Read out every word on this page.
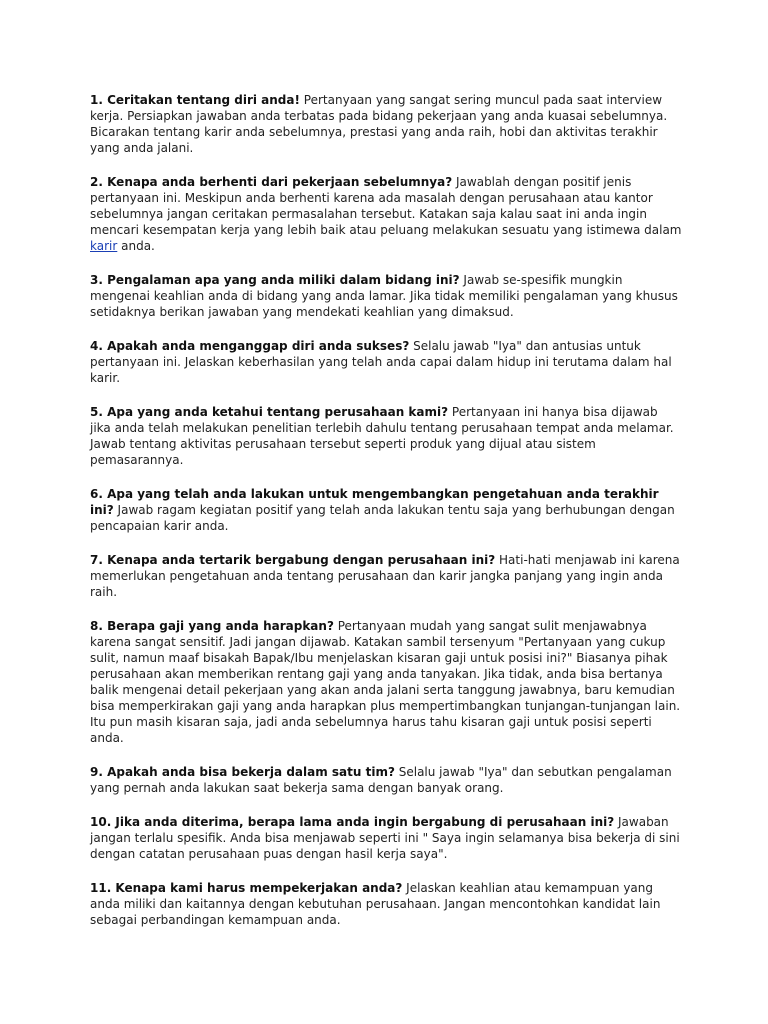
1. Ceritakan tentang diri anda! Pertanyaan yang sangat sering muncul pada saat interview kerja. Persiapkan jawaban anda terbatas pada bidang pekerjaan yang anda kuasai sebelumnya. Bicarakan tentang karir anda sebelumnya, prestasi yang anda raih, hobi dan aktivitas terakhir yang anda jalani.

2. Kenapa anda berhenti dari pekerjaan sebelumnya? Jawablah dengan positif jenis pertanyaan ini. Meskipun anda berhenti karena ada masalah dengan perusahaan atau kantor sebelumnya jangan ceritakan permasalahan tersebut. Katakan saja kalau saat ini anda ingin mencari kesempatan kerja yang lebih baik atau peluang melakukan sesuatu yang istimewa dalam karir anda.

3. Pengalaman apa yang anda miliki dalam bidang ini? Jawab se-spesifik mungkin mengenai keahlian anda di bidang yang anda lamar. Jika tidak memiliki pengalaman yang khusus setidaknya berikan jawaban yang mendekati keahlian yang dimaksud.

4. Apakah anda menganggap diri anda sukses? Selalu jawab "Iya" dan antusias untuk pertanyaan ini. Jelaskan keberhasilan yang telah anda capai dalam hidup ini terutama dalam hal karir.

5. Apa yang anda ketahui tentang perusahaan kami? Pertanyaan ini hanya bisa dijawab jika anda telah melakukan penelitian terlebih dahulu tentang perusahaan tempat anda melamar. Jawab tentang aktivitas perusahaan tersebut seperti produk yang dijual atau sistem pemasarannya.

6. Apa yang telah anda lakukan untuk mengembangkan pengetahuan anda terakhir ini? Jawab ragam kegiatan positif yang telah anda lakukan tentu saja yang berhubungan dengan pencapaian karir anda.

7. Kenapa anda tertarik bergabung dengan perusahaan ini? Hati-hati menjawab ini karena memerlukan pengetahuan anda tentang perusahaan dan karir jangka panjang yang ingin anda raih.

8. Berapa gaji yang anda harapkan? Pertanyaan mudah yang sangat sulit menjawabnya karena sangat sensitif. Jadi jangan dijawab. Katakan sambil tersenyum "Pertanyaan yang cukup sulit, namun maaf bisakah Bapak/Ibu menjelaskan kisaran gaji untuk posisi ini?" Biasanya pihak perusahaan akan memberikan rentang gaji yang anda tanyakan. Jika tidak, anda bisa bertanya balik mengenai detail pekerjaan yang akan anda jalani serta tanggung jawabnya, baru kemudian bisa memperkirakan gaji yang anda harapkan plus mempertimbangkan tunjangan-tunjangan lain. Itu pun masih kisaran saja, jadi anda sebelumnya harus tahu kisaran gaji untuk posisi seperti anda.

9. Apakah anda bisa bekerja dalam satu tim? Selalu jawab "Iya" dan sebutkan pengalaman yang pernah anda lakukan saat bekerja sama dengan banyak orang.

10. Jika anda diterima, berapa lama anda ingin bergabung di perusahaan ini? Jawaban jangan terlalu spesifik. Anda bisa menjawab seperti ini " Saya ingin selamanya bisa bekerja di sini dengan catatan perusahaan puas dengan hasil kerja saya".

11. Kenapa kami harus mempekerjakan anda? Jelaskan keahlian atau kemampuan yang anda miliki dan kaitannya dengan kebutuhan perusahaan. Jangan mencontohkan kandidat lain sebagai perbandingan kemampuan anda.
